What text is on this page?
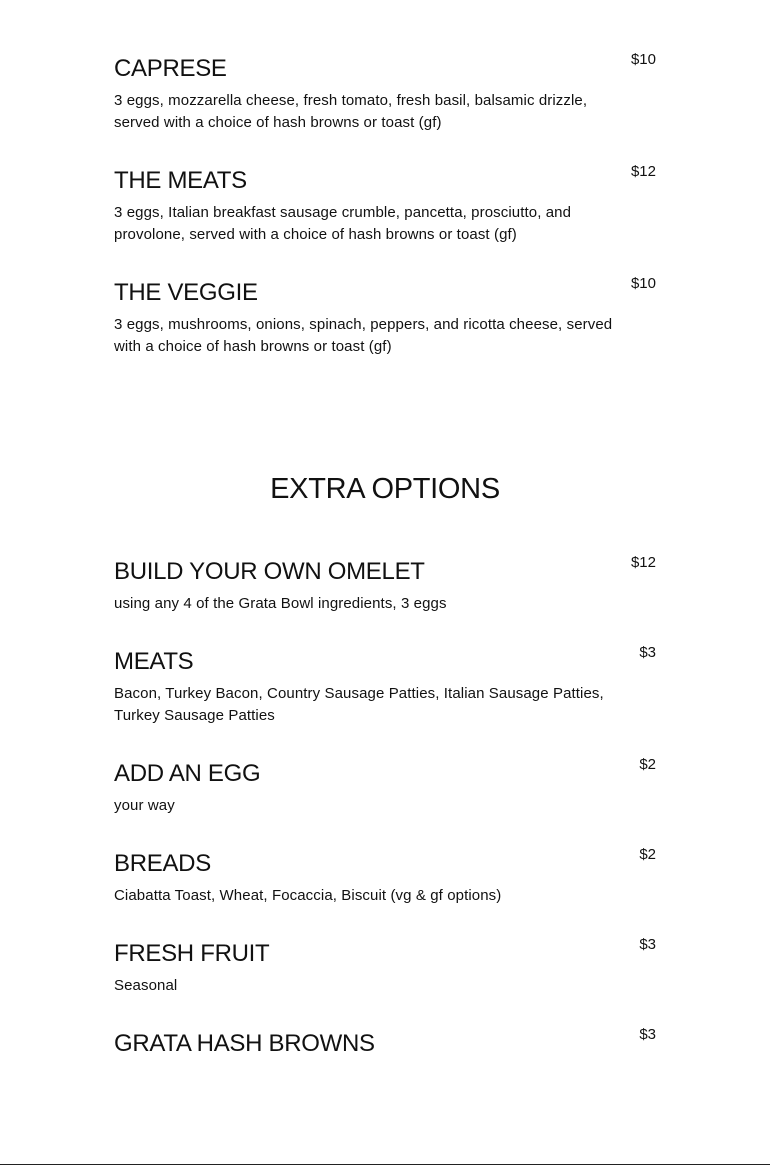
CAPRESE	$10
3 eggs, mozzarella cheese, fresh tomato, fresh basil, balsamic drizzle, served with a choice of hash browns or toast (gf)
THE MEATS	$12
3 eggs, Italian breakfast sausage crumble, pancetta, prosciutto, and provolone, served with a choice of hash browns or toast (gf)
THE VEGGIE	$10
3 eggs, mushrooms, onions, spinach, peppers, and ricotta cheese, served with a choice of hash browns or toast (gf)
EXTRA OPTIONS
BUILD YOUR OWN OMELET	$12
using any 4 of the Grata Bowl ingredients, 3 eggs
MEATS	$3
Bacon, Turkey Bacon, Country Sausage Patties, Italian Sausage Patties, Turkey Sausage Patties
ADD AN EGG	$2
your way
BREADS	$2
Ciabatta Toast, Wheat, Focaccia, Biscuit (vg & gf options)
FRESH FRUIT	$3
Seasonal
GRATA HASH BROWNS	$3
